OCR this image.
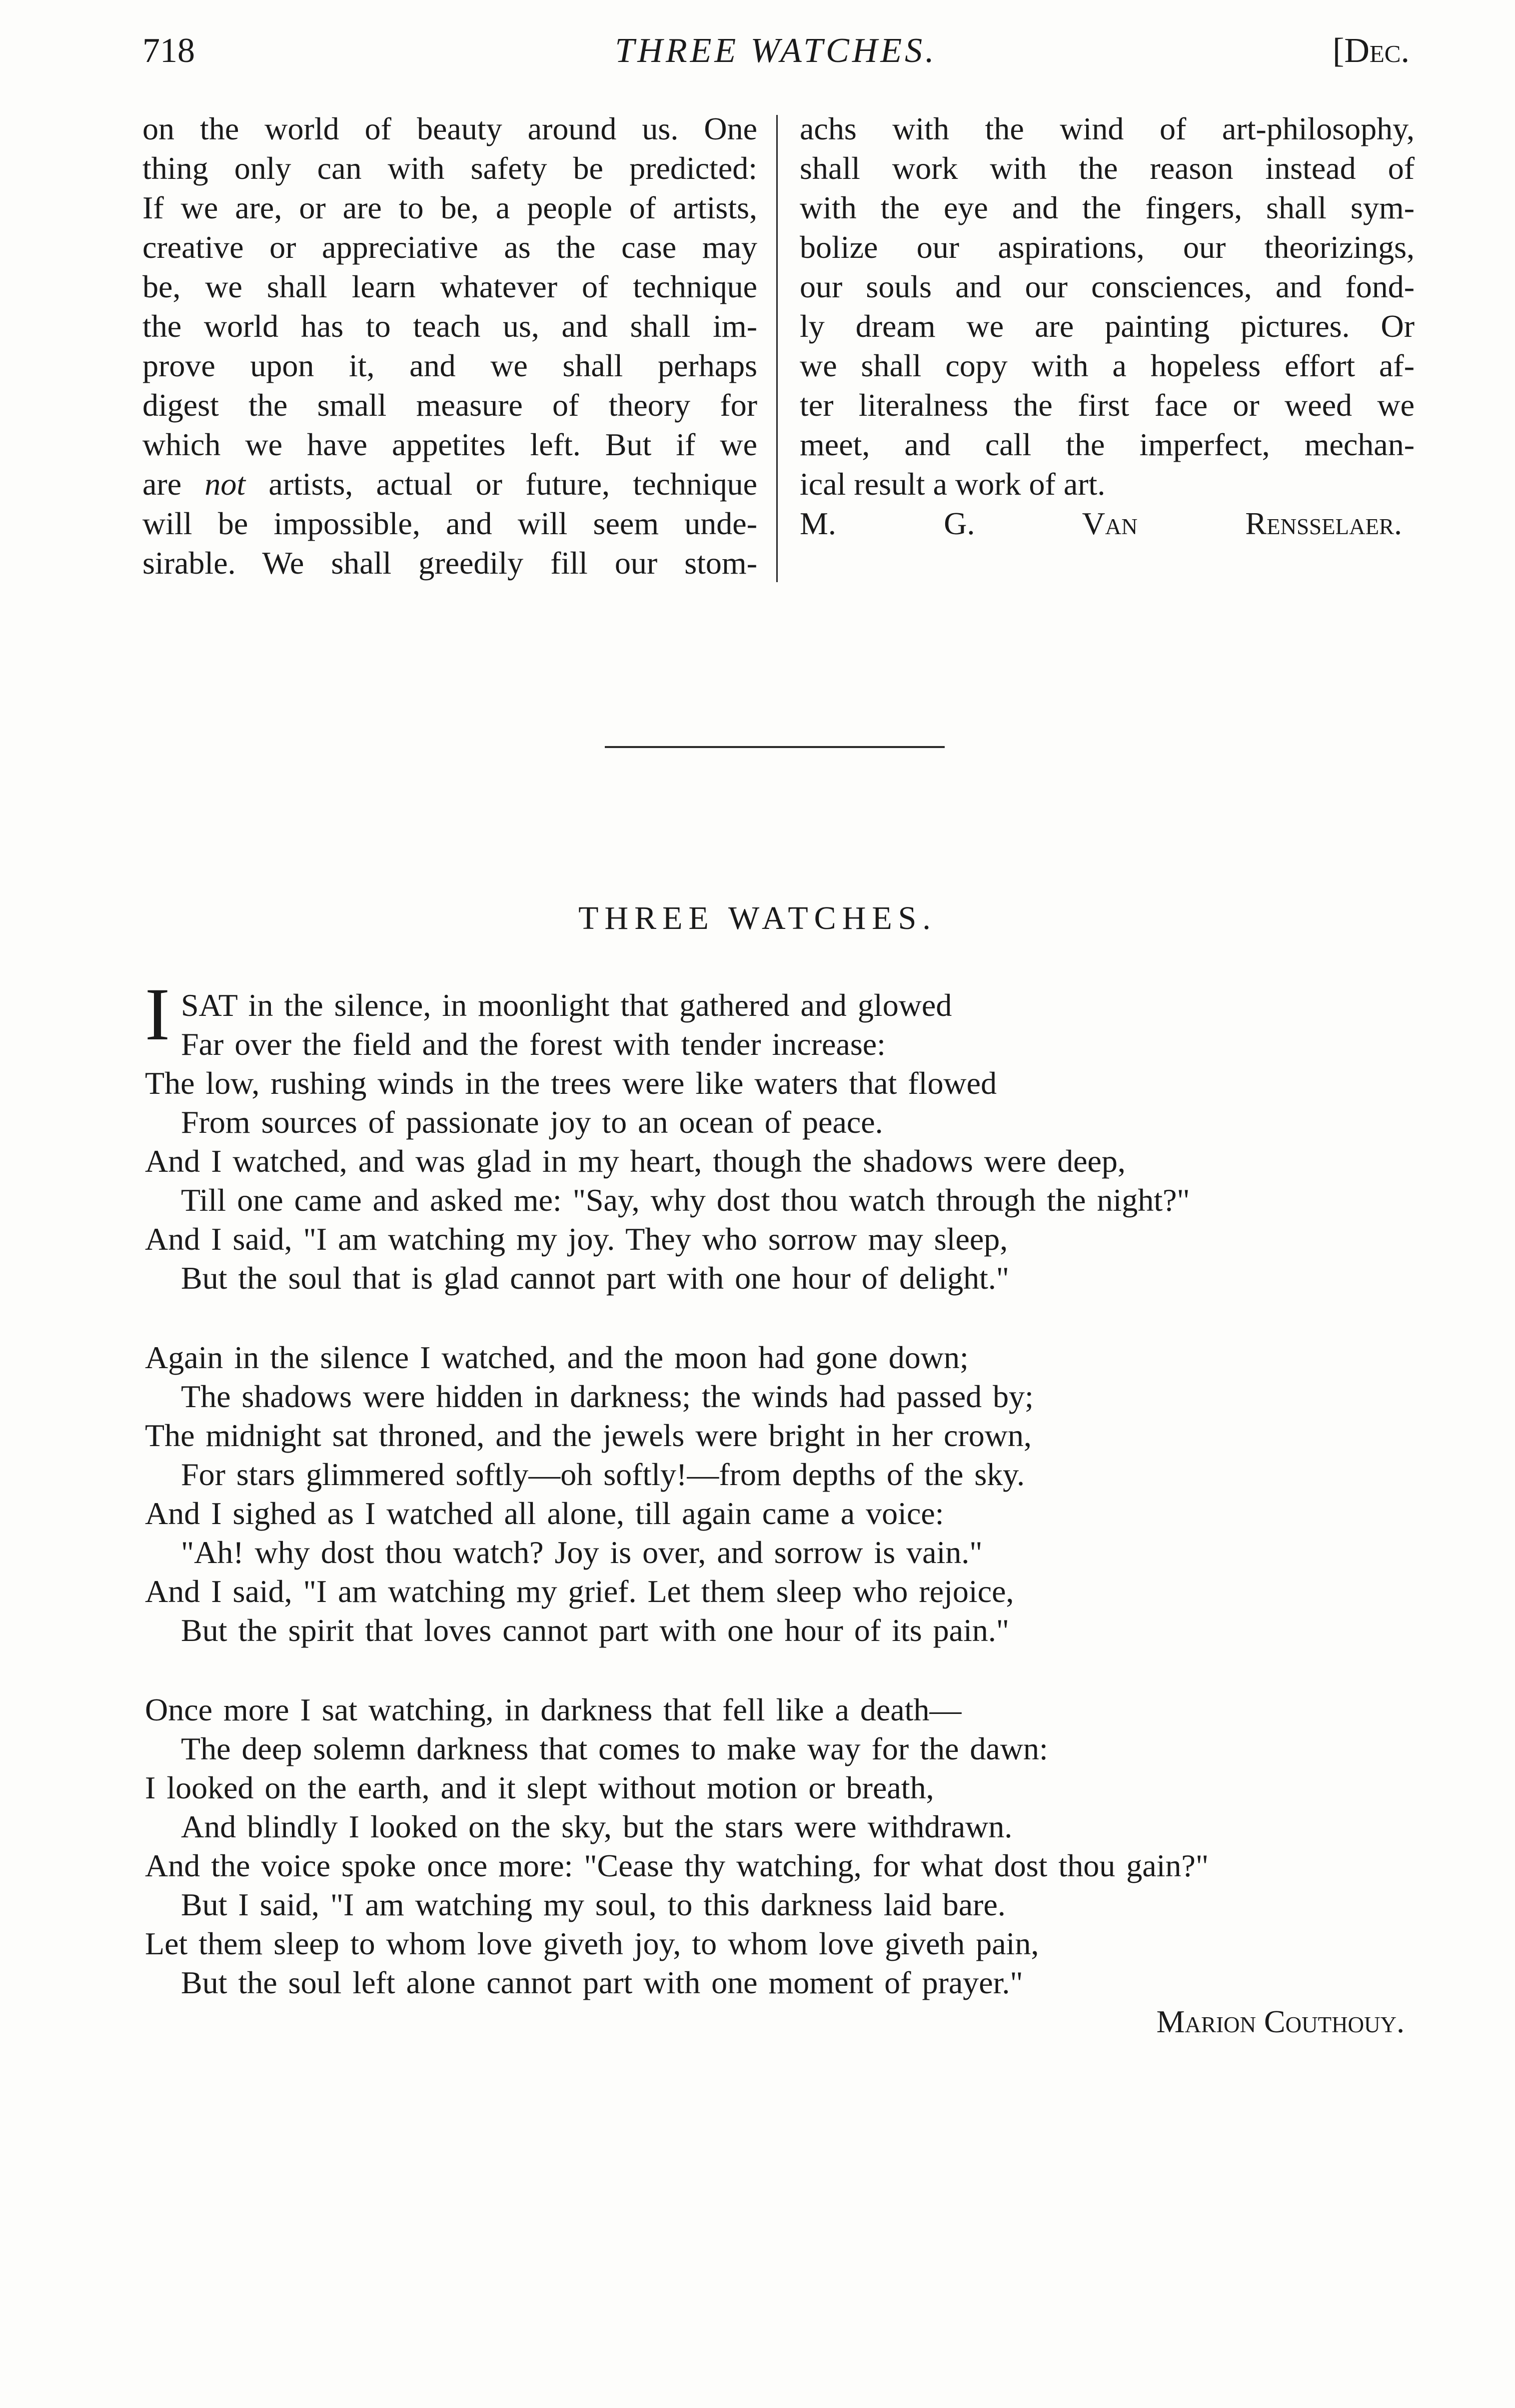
718	THREE WATCHES.	[Dec.
on the world of beauty around us. One
thing only can with safety be predicted:
If we are, or are to be, a people of artists,
creative or appreciative as the case may
be, we shall learn whatever of technique
the world has to teach us, and shall im-
prove upon it, and we shall perhaps
digest the small measure of theory for
which we have appetites left. But if we
are not artists, actual or future, technique
will be impossible, and will seem unde-
sirable. We shall greedily fill our stom-
achs with the wind of art-philosophy,
shall work with the reason instead of
with the eye and the fingers, shall sym-
bolize our aspirations, our theorizings,
our souls and our consciences, and fond-
ly dream we are painting pictures. Or
we shall copy with a hopeless effort af-
ter literalness the first face or weed we
meet, and call the imperfect, mechan-
ical result a work of art.
M. G. Van Rensselaer.
THREE WATCHES.
I SAT in the silence, in moonlight that gathered and glowed
Far over the field and the forest with tender increase:
The low, rushing winds in the trees were like waters that flowed
From sources of passionate joy to an ocean of peace.
And I watched, and was glad in my heart, though the shadows were deep,
Till one came and asked me: "Say, why dost thou watch through the night?"
And I said, "I am watching my joy. They who sorrow may sleep,
But the soul that is glad cannot part with one hour of delight."
Again in the silence I watched, and the moon had gone down;
The shadows were hidden in darkness; the winds had passed by;
The midnight sat throned, and the jewels were bright in her crown,
For stars glimmered softly—oh softly!—from depths of the sky.
And I sighed as I watched all alone, till again came a voice:
"Ah! why dost thou watch? Joy is over, and sorrow is vain."
And I said, "I am watching my grief. Let them sleep who rejoice,
But the spirit that loves cannot part with one hour of its pain."
Once more I sat watching, in darkness that fell like a death—
The deep solemn darkness that comes to make way for the dawn:
I looked on the earth, and it slept without motion or breath,
And blindly I looked on the sky, but the stars were withdrawn.
And the voice spoke once more: "Cease thy watching, for what dost thou gain?"
But I said, "I am watching my soul, to this darkness laid bare.
Let them sleep to whom love giveth joy, to whom love giveth pain,
But the soul left alone cannot part with one moment of prayer."
Marion Couthouy.
